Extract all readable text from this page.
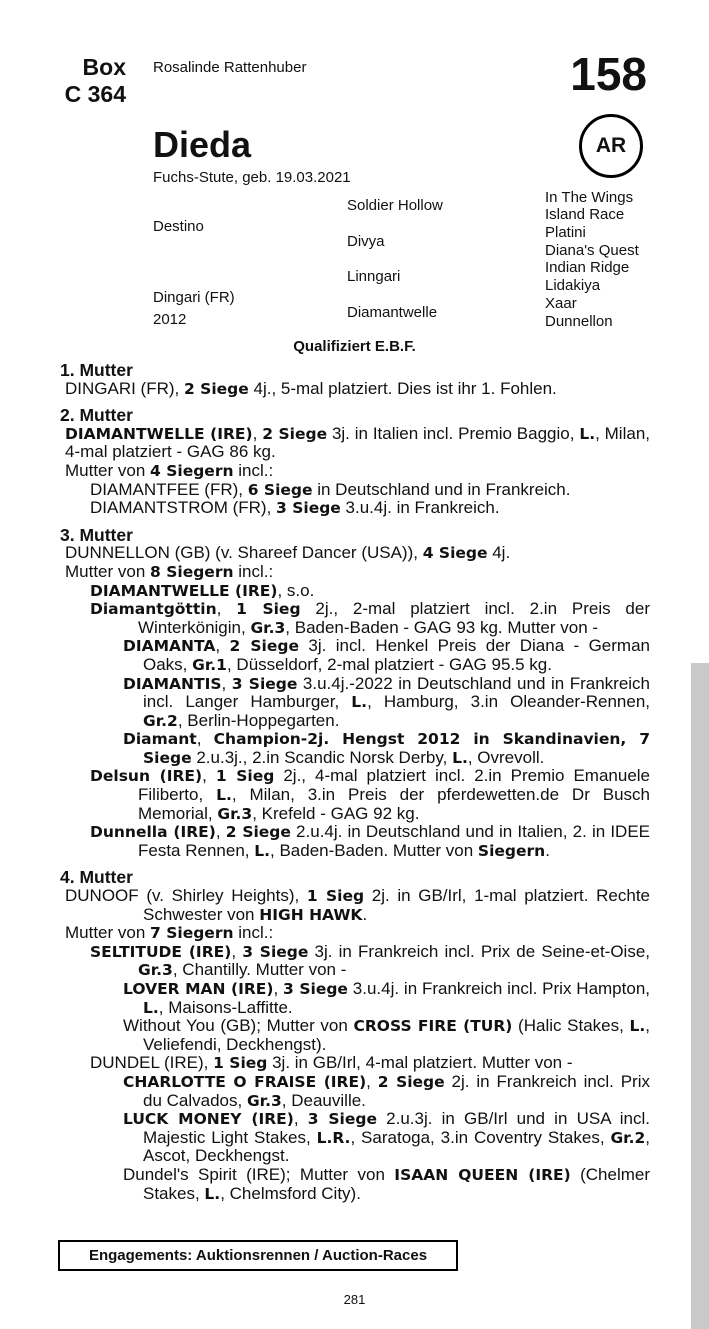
Box
C 364
Rosalinde Rattenhuber	158
Dieda	AR
Fuchs-Stute, geb. 19.03.2021
Destino
Dingari (FR)
2012
Soldier Hollow
Divya
Linngari
Diamantwelle
In The Wings
Island Race
Platini
Diana's Quest
Indian Ridge
Lidakiya
Xaar
Dunnellon
Qualifiziert E.B.F.
1. Mutter
DINGARI (FR), 2 Siege 4j., 5-mal platziert. Dies ist ihr 1. Fohlen.
2. Mutter
DIAMANTWELLE (IRE), 2 Siege 3j. in Italien incl. Premio Baggio, L., Milan, 4-mal platziert - GAG 86 kg.
Mutter von 4 Siegern incl.:
DIAMANTFEE (FR), 6 Siege in Deutschland und in Frankreich.
DIAMANTSTROM (FR), 3 Siege 3.u.4j. in Frankreich.
3. Mutter
DUNNELLON (GB) (v. Shareef Dancer (USA)), 4 Siege 4j.
Mutter von 8 Siegern incl.:
DIAMANTWELLE (IRE), s.o.
Diamantgöttin, 1 Sieg 2j., 2-mal platziert incl. 2.in Preis der Winterkönigin, Gr.3, Baden-Baden - GAG 93 kg. Mutter von -
DIAMANTA, 2 Siege 3j. incl. Henkel Preis der Diana - German Oaks, Gr.1, Düsseldorf, 2-mal platziert - GAG 95.5 kg.
DIAMANTIS, 3 Siege 3.u.4j.-2022 in Deutschland und in Frankreich incl. Langer Hamburger, L., Hamburg, 3.in Oleander-Rennen, Gr.2, Berlin-Hoppegarten.
Diamant, Champion-2j. Hengst 2012 in Skandinavien, 7 Siege 2.u.3j., 2.in Scandic Norsk Derby, L., Ovrevoll.
Delsun (IRE), 1 Sieg 2j., 4-mal platziert incl. 2.in Premio Emanuele Filiberto, L., Milan, 3.in Preis der pferdewetten.de Dr Busch Memorial, Gr.3, Krefeld - GAG 92 kg.
Dunnella (IRE), 2 Siege 2.u.4j. in Deutschland und in Italien, 2. in IDEE Festa Rennen, L., Baden-Baden. Mutter von Siegern.
4. Mutter
DUNOOF (v. Shirley Heights), 1 Sieg 2j. in GB/Irl, 1-mal platziert. Rechte Schwester von HIGH HAWK.
Mutter von 7 Siegern incl.:
SELTITUDE (IRE), 3 Siege 3j. in Frankreich incl. Prix de Seine-et-Oise, Gr.3, Chantilly. Mutter von -
LOVER MAN (IRE), 3 Siege 3.u.4j. in Frankreich incl. Prix Hampton, L., Maisons-Laffitte.
Without You (GB); Mutter von CROSS FIRE (TUR) (Halic Stakes, L., Veliefendi, Deckhengst).
DUNDEL (IRE), 1 Sieg 3j. in GB/Irl, 4-mal platziert. Mutter von -
CHARLOTTE O FRAISE (IRE), 2 Siege 2j. in Frankreich incl. Prix du Calvados, Gr.3, Deauville.
LUCK MONEY (IRE), 3 Siege 2.u.3j. in GB/Irl und in USA incl. Majestic Light Stakes, L.R., Saratoga, 3.in Coventry Stakes, Gr.2, Ascot, Deckhengst.
Dundel's Spirit (IRE); Mutter von ISAAN QUEEN (IRE) (Chelmer Stakes, L., Chelmsford City).
Engagements: Auktionsrennen / Auction-Races
281
